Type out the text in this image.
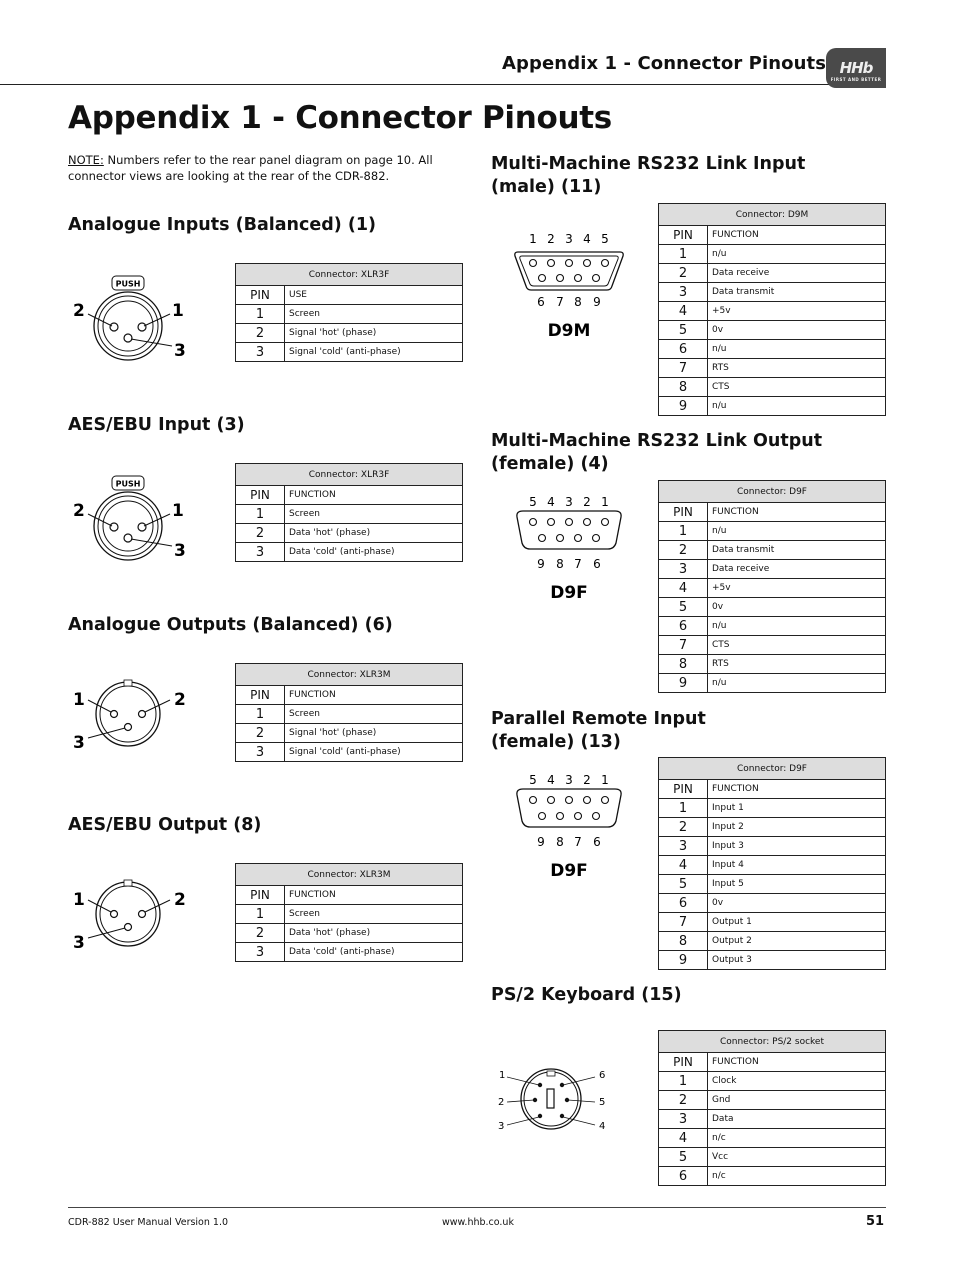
Appendix 1 - Connector Pinouts HHb
FIRST AND BETTER
Appendix 1 - Connector Pinouts
NOTE: Numbers refer to the rear panel diagram on page 10. All connector views are looking at the rear of the CDR-882.
Analogue Inputs (Balanced) (1)
AES/EBU Input (3)
Analogue Outputs (Balanced) (6)
AES/EBU Output (8)
Multi-Machine RS232 Link Input (male) (11)
Multi-Machine RS232 Link Output (female) (4)
Parallel Remote Input (female) (13)
PS/2 Keyboard (15)
PUSH
2	1
3
PUSH
2	1
3
1	2
3
1	2
3
1 2 3 4 5
6 7 8 9
D9M
5 4 3 2 1
9 8 7 6
D9F
5 4 3 2 1
9 8 7 6
D9F
1	6
2	5
3	4
Connector: XLR3F	
PIN	USE
1	Screen
2	Signal 'hot' (phase)
3	Signal 'cold' (anti-phase)
Connector: XLR3F	
PIN	FUNCTION
1	Screen
2	Data 'hot' (phase)
3	Data 'cold' (anti-phase)
Connector: XLR3M	
PIN	FUNCTION
1	Screen
2	Signal 'hot' (phase)
3	Signal 'cold' (anti-phase)
Connector: XLR3M	
PIN	FUNCTION
1	Screen
2	Data 'hot' (phase)
3	Data 'cold' (anti-phase)
Connector: D9M	
PIN	FUNCTION
1	n/u
2	Data receive
3	Data transmit
4	+5v
5	0v
6	n/u
7	RTS
8	CTS
9	n/u
Connector: D9F	
PIN	FUNCTION
1	n/u
2	Data transmit
3	Data receive
4	+5v
5	0v
6	n/u
7	CTS
8	RTS
9	n/u
Connector: D9F	
PIN	FUNCTION
1	Input 1
2	Input 2
3	Input 3
4	Input 4
5	Input 5
6	0v
7	Output 1
8	Output 2
9	Output 3
Connector: PS/2 socket	
PIN	FUNCTION
1	Clock
2	Gnd
3	Data
4	n/c
5	Vcc
6	n/c
CDR-882 User Manual Version 1.0	www.hhb.co.uk	51
